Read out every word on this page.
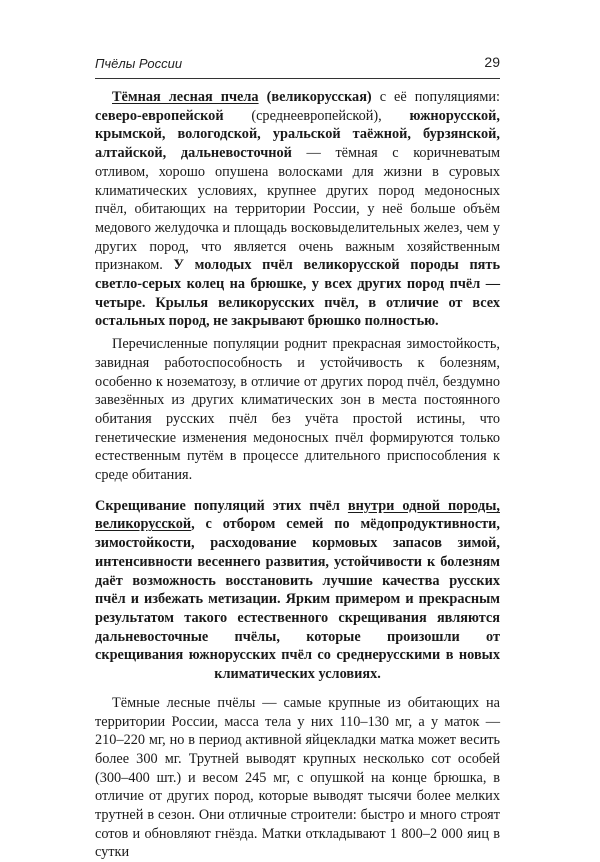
Пчёлы России	29

Тёмная лесная пчела (великорусская) с её популяциями: северо-европейской (среднеевропейской), южнорусской, крымской, вологодской, уральской таёжной, бурзянской, алтайской, дальневосточной — тёмная с коричневатым отливом, хорошо опушена волосками для жизни в суровых климатических условиях, крупнее других пород медоносных пчёл, обитающих на территории России, у неё больше объём медового желудочка и площадь восковыделительных желез, чем у других пород, что является очень важным хозяйственным признаком. У молодых пчёл великорусской породы пять светло-серых колец на брюшке, у всех других пород пчёл — четыре. Крылья великорусских пчёл, в отличие от всех остальных пород, не закрывают брюшко полностью.

Перечисленные популяции роднит прекрасная зимостойкость, завидная работоспособность и устойчивость к болезням, особенно к нозематозу, в отличие от других пород пчёл, бездумно завезённых из других климатических зон в места постоянного обитания русских пчёл без учёта простой истины, что генетические изменения медоносных пчёл формируются только естественным путём в процессе длительного приспособления к среде обитания.

Скрещивание популяций этих пчёл внутри одной породы, великорусской, с отбором семей по мёдопродуктивности, зимостойкости, расходование кормовых запасов зимой, интенсивности весеннего развития, устойчивости к болезням даёт возможность восстановить лучшие качества русских пчёл и избежать метизации. Ярким примером и прекрасным результатом такого естественного скрещивания являются дальневосточные пчёлы, которые произошли от скрещивания южнорусских пчёл со среднерусскими в новых климатических условиях.

Тёмные лесные пчёлы — самые крупные из обитающих на территории России, масса тела у них 110–130 мг, а у маток — 210–220 мг, но в период активной яйцекладки матка может весить более 300 мг. Трутней выводят крупных несколько сот особей (300–400 шт.) и весом 245 мг, с опушкой на конце брюшка, в отличие от других пород, которые выводят тысячи более мелких трутней в сезон. Они отличные строители: быстро и много строят сотов и обновляют гнёзда. Матки откладывают 1 800–2 000 яиц в сутки
